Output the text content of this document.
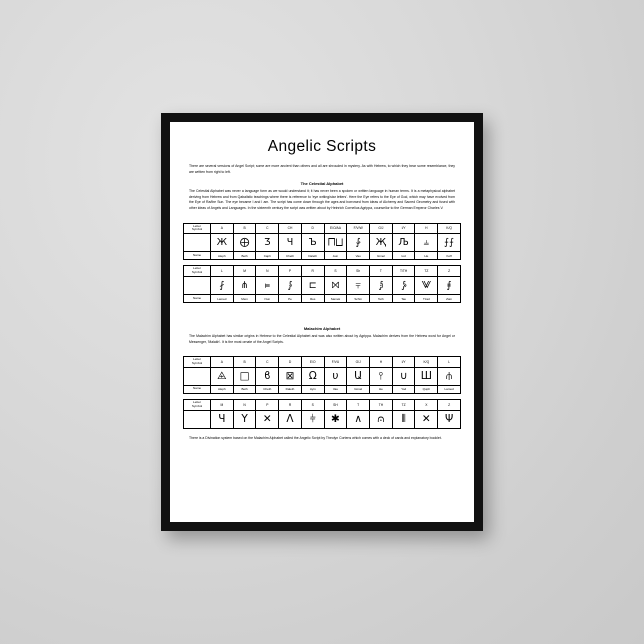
Angelic Scripts
There are several versions of Angel Script; some are more ancient than others and all are shrouded in mystery. As with Hebrew, to which they bear some resemblance, they are written from right to left.
The Celestial Alphabet
The Celestial Alphabet was never a language form as we would understand it; it has never been a spoken or written language in human terms. It is a metaphysical alphabet deriving from Hebrew and from Qabalistic teachings where there is reference to 'eye writing/star letters'. Here the Eye refers to the Eye of God, which may have evolved from the Eye of Ra/the Sun. The eye became I and I am. The script has come down through the ages and borrowed from ideas of Alchemy and Sacred Geometry and fused with other ideas of Angels and Languages. In the sixteenth century the script was written about by Heinrich Cornelius Agrippa, counsellor to the German Emperor Charles V.
Letter
Symbol	A	B	C	CH	D	E/O/AA	F/V/W	G/J	I/Y	H	K/Q
	Ж	⨁	Ʒ	Ч	Ъ	⨅⨆	⨑	Җ	Љ	⫨	⨍⨍
Name	Aleph	Beth	Caph	Cheth	Daleth	Aun	Vau	Gimel	Iod	He	Koff
Letter
Symbol	L	M	N	P	R	S	Sh	T	T/TH	TZ	Z
	⨏	⋔	⫢	⨓	⊏	⨝	⫧	⨒	⨔	⨈	⨎
Name	Lamed	Mem	Nun	Pe	Res	Samek	Schin	Teth	Tau	Tzad	Zain
Malachim Alphabet
The Malachim Alphabet has similar origins in Hebrew to the Celestial Alphabet and was also written about by Agrippa. Malachim derives from the Hebrew word for Angel or Messenger, 'Malakh'. It is the most ornate of the Angel Scripts.
Letter
Symbol	A	B	C	D	E/O	F/VU	G/J	H	I/Y	K/Q	L
	⨹	□	ϐ	⊠	Ω	υ	Ա	⫯	∪	Ш	⫛
Name	Aleph	Beth	Cheth	Daleth	Ayin	Vau	Gimel	He	Yod	Quph	Lamed
Letter
Symbol	M	N	P	R	S	SH	T	TH	TZ	X	Z
	Ч	Υ	✕	Λ	⫩	✱	∧	⩀	⫴	✕	Ψ
There is a Divination system based on the Malachim Alphabet called the Angelic Script by Theolyn Cortens which comes with a deck of cards and explanatory booklet.
